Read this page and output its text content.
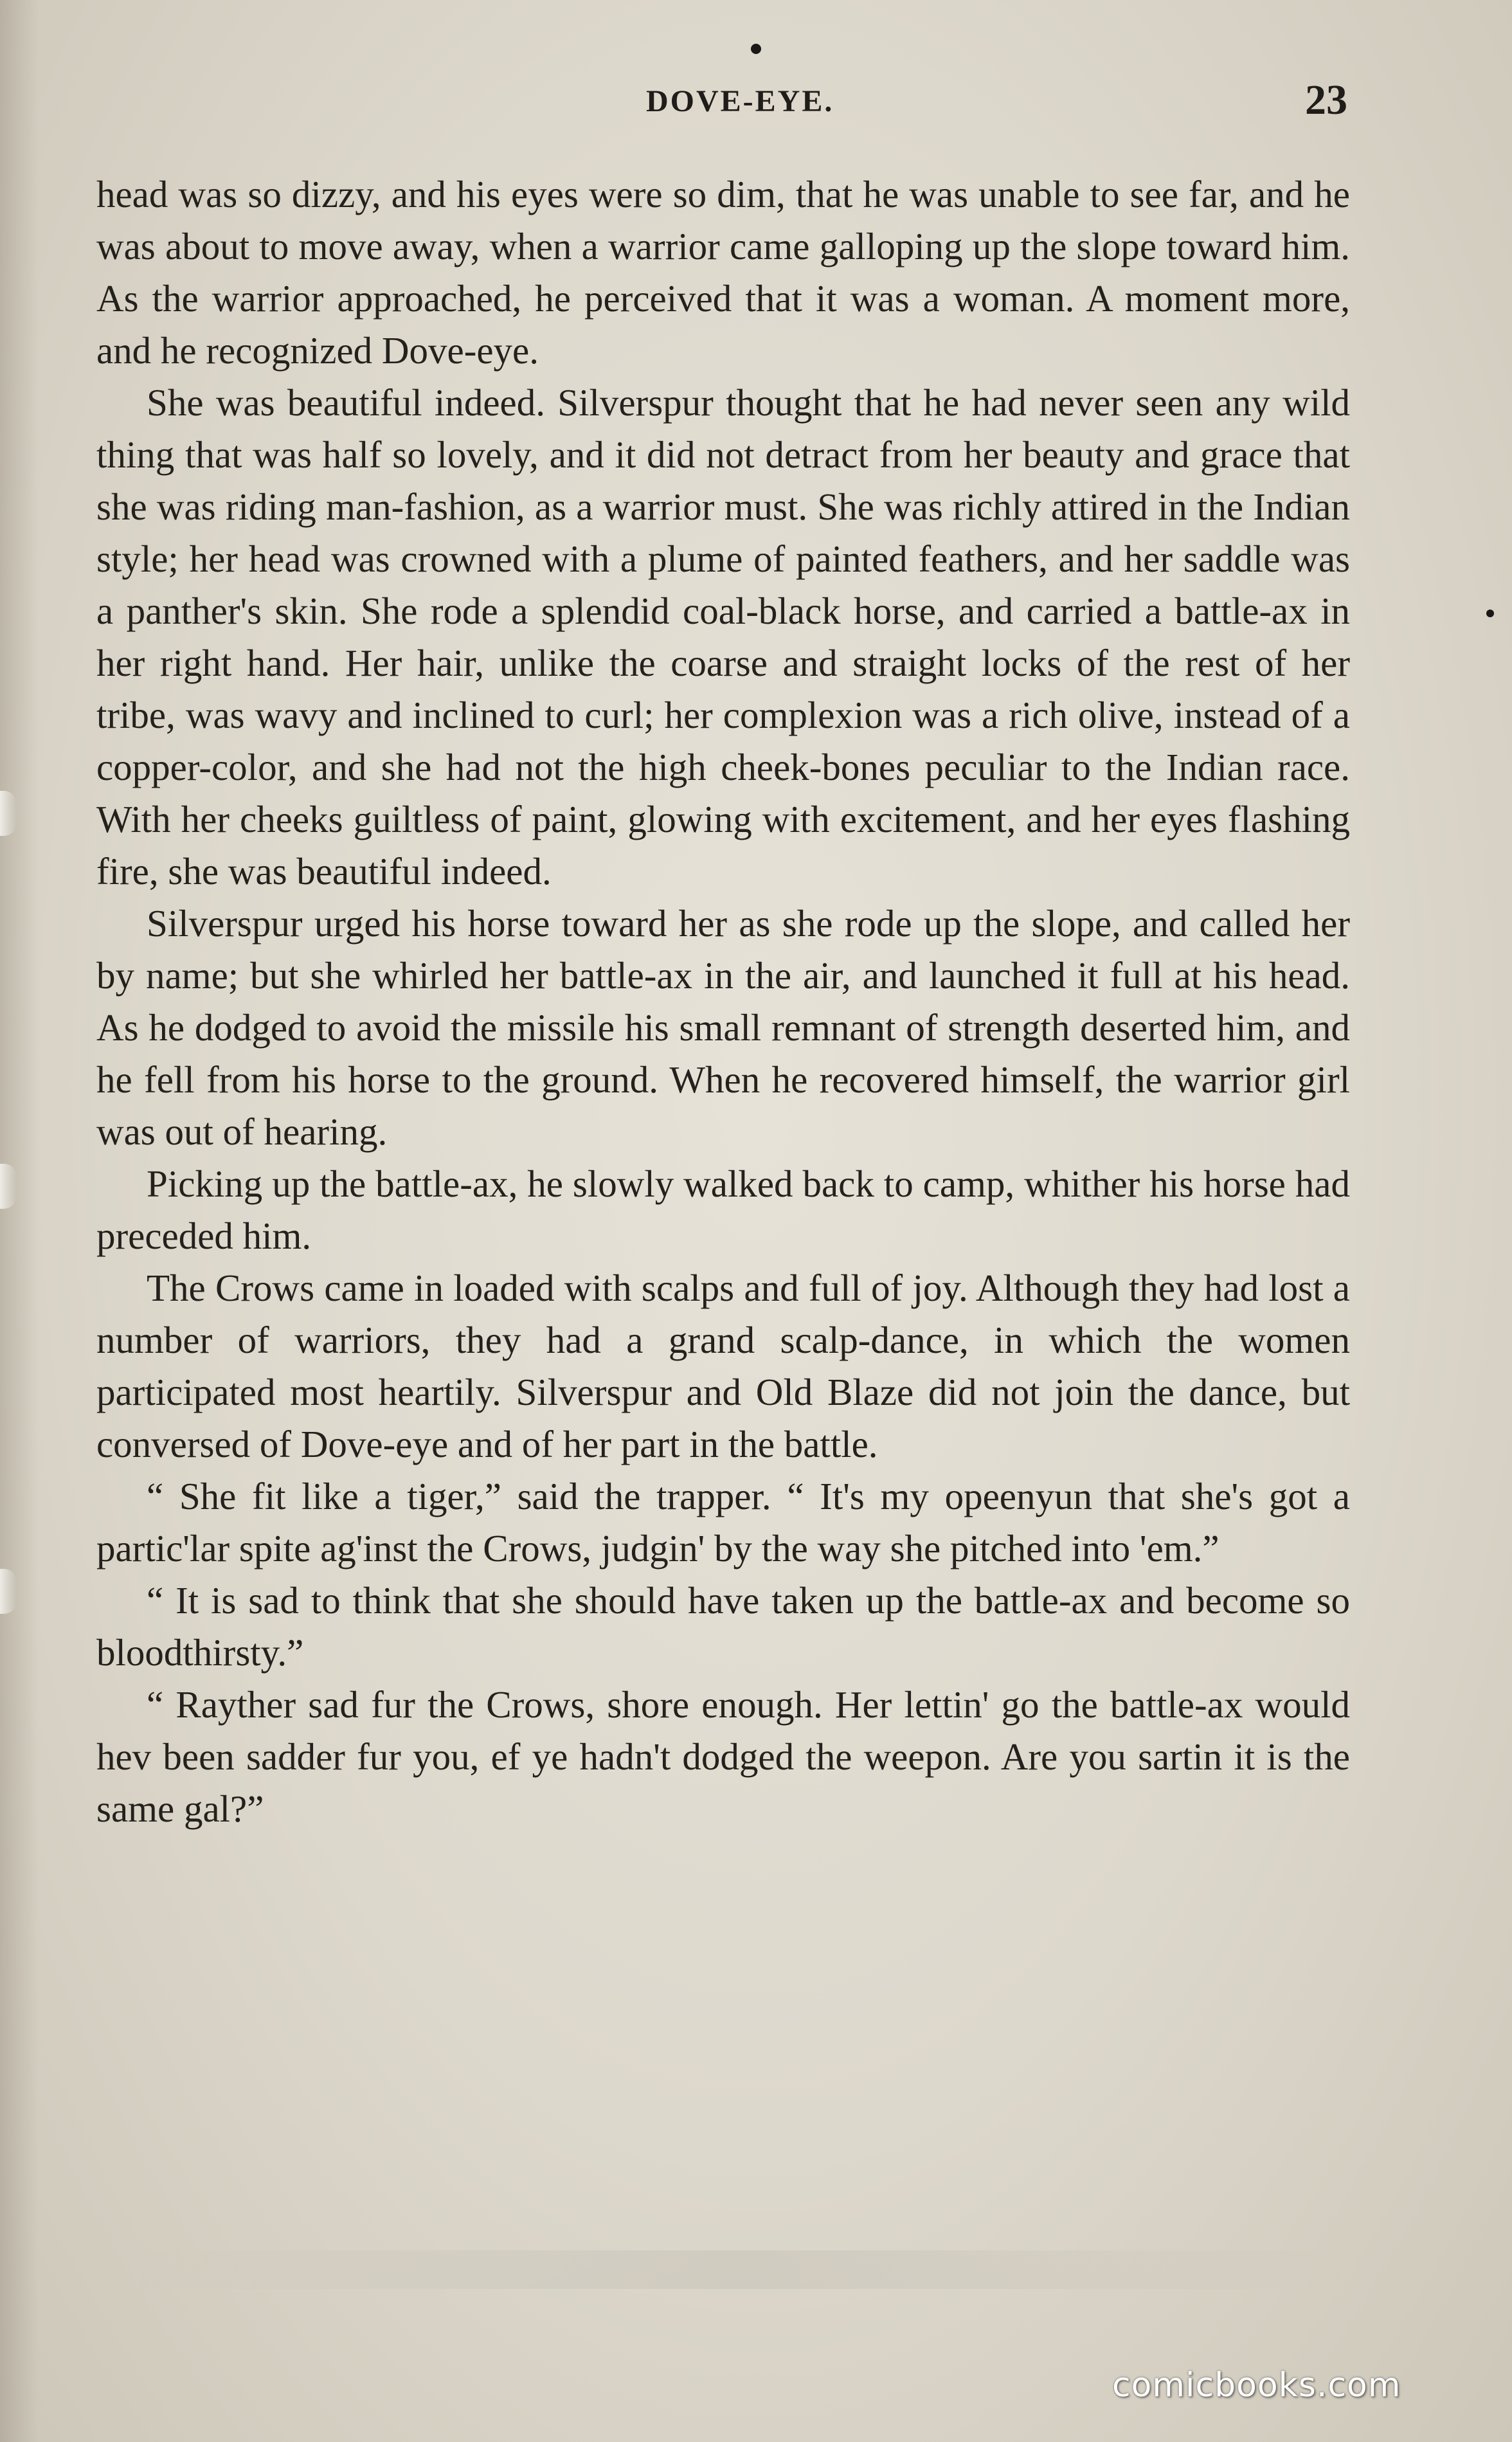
DOVE-EYE.	23

head was so dizzy, and his eyes were so dim, that he was unable to see far, and he was about to move away, when a warrior came galloping up the slope toward him. As the warrior approached, he perceived that it was a woman. A moment more, and he recognized Dove-eye.

She was beautiful indeed. Silverspur thought that he had never seen any wild thing that was half so lovely, and it did not detract from her beauty and grace that she was riding man-fashion, as a warrior must. She was richly attired in the Indian style; her head was crowned with a plume of painted feathers, and her saddle was a panther's skin. She rode a splendid coal-black horse, and carried a battle-ax in her right hand. Her hair, unlike the coarse and straight locks of the rest of her tribe, was wavy and inclined to curl; her complexion was a rich olive, instead of a copper-color, and she had not the high cheek-bones peculiar to the Indian race. With her cheeks guiltless of paint, glowing with excitement, and her eyes flashing fire, she was beautiful indeed.

Silverspur urged his horse toward her as she rode up the slope, and called her by name; but she whirled her battle-ax in the air, and launched it full at his head. As he dodged to avoid the missile his small remnant of strength deserted him, and he fell from his horse to the ground. When he recovered himself, the warrior girl was out of hearing.

Picking up the battle-ax, he slowly walked back to camp, whither his horse had preceded him.

The Crows came in loaded with scalps and full of joy. Although they had lost a number of warriors, they had a grand scalp-dance, in which the women participated most heartily. Silverspur and Old Blaze did not join the dance, but conversed of Dove-eye and of her part in the battle.

“ She fit like a tiger,” said the trapper. “ It's my opeenyun that she's got a partic'lar spite ag'inst the Crows, judgin' by the way she pitched into 'em.”

“ It is sad to think that she should have taken up the battle-ax and become so bloodthirsty.”

“ Rayther sad fur the Crows, shore enough. Her lettin' go the battle-ax would hev been sadder fur you, ef ye hadn't dodged the weepon. Are you sartin it is the same gal?”

comicbooks.com
